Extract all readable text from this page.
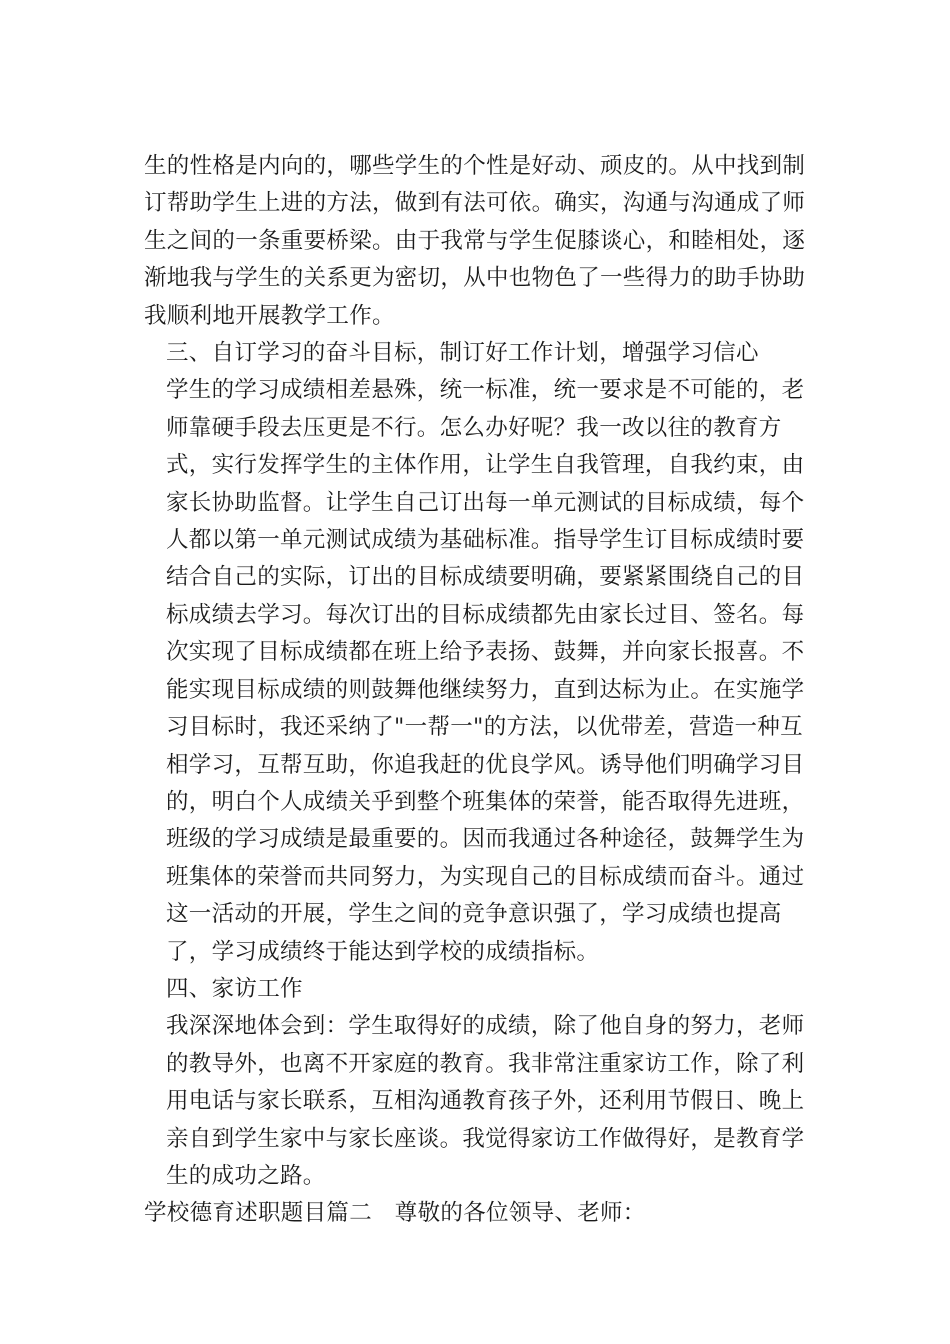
生的性格是内向的，哪些学生的个性是好动、顽皮的。从中找到制订帮助学生上进的方法，做到有法可依。确实，沟通与沟通成了师生之间的一条重要桥梁。由于我常与学生促膝谈心，和睦相处，逐渐地我与学生的关系更为密切，从中也物色了一些得力的助手协助我顺利地开展教学工作。

三、自订学习的奋斗目标，制订好工作计划，增强学习信心

学生的学习成绩相差悬殊，统一标准，统一要求是不可能的，老师靠硬手段去压更是不行。怎么办好呢？我一改以往的教育方式，实行发挥学生的主体作用，让学生自我管理，自我约束，由家长协助监督。让学生自己订出每一单元测试的目标成绩，每个人都以第一单元测试成绩为基础标准。指导学生订目标成绩时要结合自己的实际，订出的目标成绩要明确，要紧紧围绕自己的目标成绩去学习。每次订出的目标成绩都先由家长过目、签名。每次实现了目标成绩都在班上给予表扬、鼓舞，并向家长报喜。不能实现目标成绩的则鼓舞他继续努力，直到达标为止。在实施学习目标时，我还采纳了"一帮一"的方法，以优带差，营造一种互相学习，互帮互助，你追我赶的优良学风。诱导他们明确学习目的，明白个人成绩关乎到整个班集体的荣誉，能否取得先进班，班级的学习成绩是最重要的。因而我通过各种途径，鼓舞学生为班集体的荣誉而共同努力，为实现自己的目标成绩而奋斗。通过这一活动的开展，学生之间的竞争意识强了，学习成绩也提高了，学习成绩终于能达到学校的成绩指标。

四、家访工作

我深深地体会到：学生取得好的成绩，除了他自身的努力，老师的教导外，也离不开家庭的教育。我非常注重家访工作，除了利用电话与家长联系，互相沟通教育孩子外，还利用节假日、晚上亲自到学生家中与家长座谈。我觉得家访工作做得好，是教育学生的成功之路。

学校德育述职题目篇二　尊敬的各位领导、老师：
